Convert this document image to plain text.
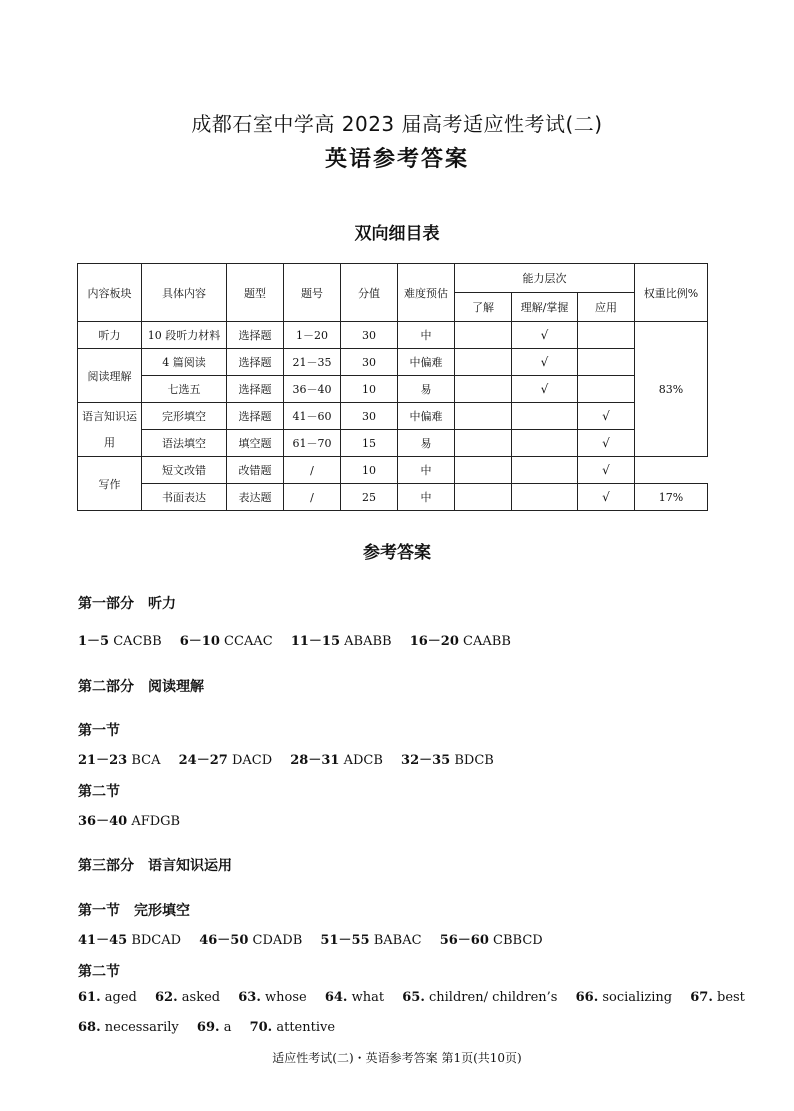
成都石室中学高 2023 届高考适应性考试(二)
英语参考答案
双向细目表
内容板块	具体内容	题型	题号	分值	难度预估	能力层次			权重比例%
						了解	理解/掌握	应用	
听力	10 段听力材料	选择题	1－20	30	中		√		83%
阅读理解	4 篇阅读	选择题	21－35	30	中偏难		√		
	七选五	选择题	36－40	10	易		√		
语言知识运用	完形填空	选择题	41－60	30	中偏难			√	
	语法填空	填空题	61－70	15	易			√	
写作	短文改错	改错题	/	10	中			√	
	书面表达	表达题	/	25	中			√	17%
参考答案
第一部分 听力
1－5 CACBB 6－10 CCAAC 11－15 ABABB 16－20 CAABB
第二部分 阅读理解
第一节
21－23 BCA 24－27 DACD 28－31 ADCB 32－35 BDCB
第二节
36－40 AFDGB
第三部分 语言知识运用
第一节 完形填空
41－45 BDCAD 46－50 CDADB 51－55 BABAC 56－60 CBBCD
第二节
61. aged 62. asked 63. whose 64. what 65. children/ children’s 66. socializing 67. best
68. necessarily 69. a 70. attentive
适应性考试(二)・英语参考答案 第1页(共10页)
